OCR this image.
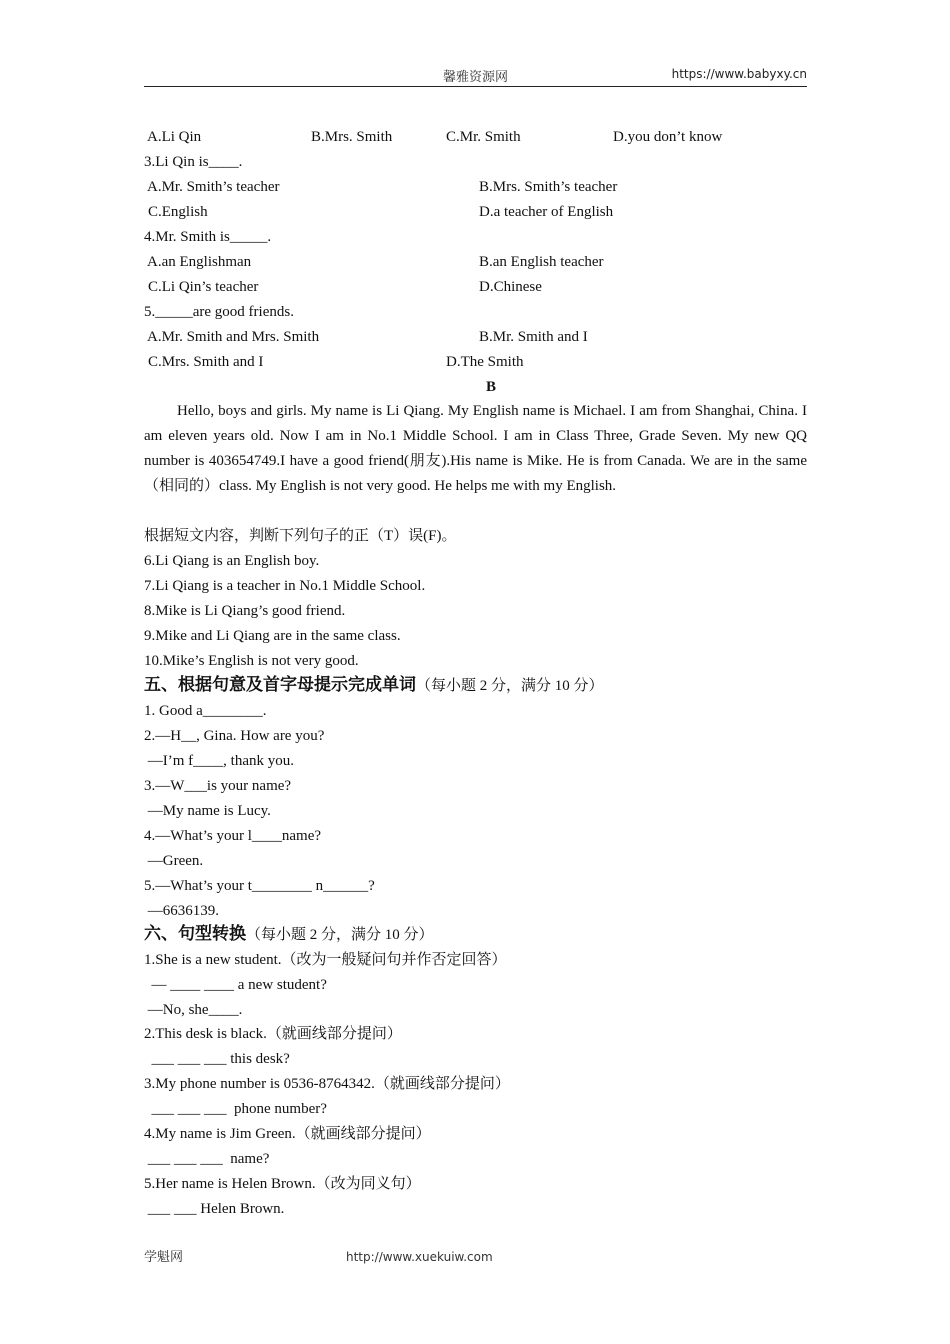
馨雅资源网	https://www.babyxy.cn
A.Li Qin	B.Mrs. Smith	C.Mr. Smith	D.you don’t know
3.Li Qin is____.
A.Mr. Smith’s teacher	B.Mrs. Smith’s teacher
C.English	D.a teacher of English
4.Mr. Smith is_____.
A.an Englishman	B.an English teacher
C.Li Qin’s teacher	D.Chinese
5._____are good friends.
A.Mr. Smith and Mrs. Smith	B.Mr. Smith and I
C.Mrs. Smith and I	D.The Smith
B
Hello, boys and girls. My name is Li Qiang. My English name is Michael. I am from Shanghai, China. I am eleven years old. Now I am in No.1 Middle School. I am in Class Three, Grade Seven. My new QQ number is 403654749.I have a good friend(朋友).His name is Mike. He is from Canada. We are in the same（相同的）class. My English is not very good. He helps me with my English.
根据短文内容，判断下列句子的正（T）误(F)。
6.Li Qiang is an English boy.
7.Li Qiang is a teacher in No.1 Middle School.
8.Mike is Li Qiang’s good friend.
9.Mike and Li Qiang are in the same class.
10.Mike’s English is not very good.
五、根据句意及首字母提示完成单词（每小题 2 分，满分 10 分）
1. Good a________.
2.—H__, Gina. How are you?
—I’m f____, thank you.
3.—W___is your name?
—My name is Lucy.
4.—What’s your l____name?
—Green.
5.—What’s your t________ n______?
—6636139.
六、句型转换（每小题 2 分，满分 10 分）
1.She is a new student.（改为一般疑问句并作否定回答）
— ____ ____ a new student?
—No, she____.
2.This desk is black.（就画线部分提问）
___ ___ ___ this desk?
3.My phone number is 0536-8764342.（就画线部分提问）
___ ___ ___  phone number?
4.My name is Jim Green.（就画线部分提问）
___ ___ ___  name?
5.Her name is Helen Brown.（改为同义句）
___ ___ Helen Brown.
学魁网	http://www.xuekuiw.com
